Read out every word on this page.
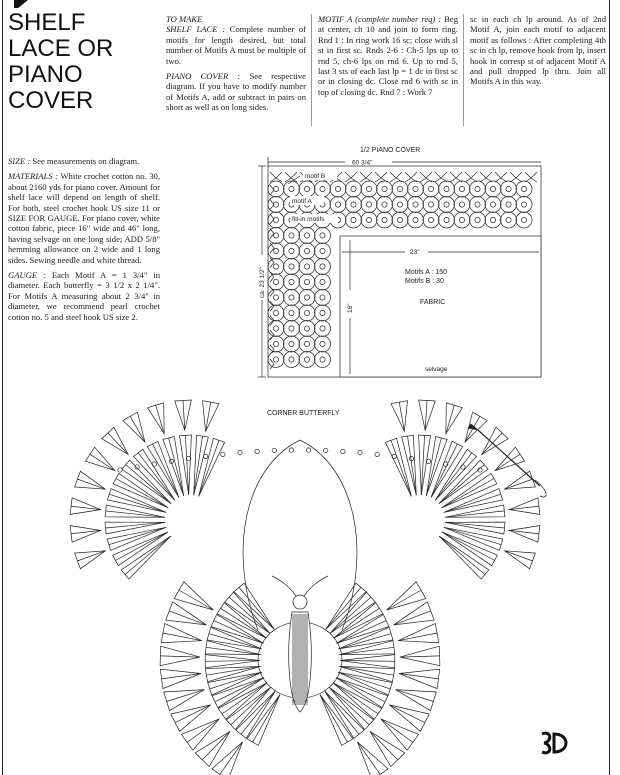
SHELF
LACE OR
PIANO
COVER

SIZE : See measurements on diagram.

MATERIALS : White crochet cotton no. 30, about 2160 yds for piano cover. Amount for shelf lace will depend on length of shelf. For both, steel crochet hook US size 11 or SIZE FOR GAUGE. For piano cover, white cotton fabric, piece 16" wide and 46" long, having selvage on one long side; ADD 5/8" hemming allowance on 2 wide and 1 long sides. Sewing needle and white thread.

GAUGE : Each Motif A = 1 3/4" in diameter. Each butterfly = 3 1/2 x 2 1/4". For Motifs A measuring about 2 3/4" in diameter, we recommend pearl crochet cotton no. 5 and steel hook US size 2.

TO MAKE

SHELF LACE : Complete number of motifs for length desired, but total number of Motifs A must be multiple of two.

PIANO COVER : See respective diagram. If you have to modify number of Motifs A, add or subtract in pairs on short as well as on long sides.

MOTIF A (complete number req) : Beg at center, ch 10 and join to form ring. Rnd 1 : In ring work 16 sc; close with sl st in first sc. Rnds 2-6 : Ch-5 lps up to rnd 5, ch-6 lps on rnd 6. Up to rnd 5, last 3 sts of each last lp = 1 dc in first sc or in closing dc. Close rnd 6 with sc in top of closing dc. Rnd 7 : Work 7

sc in each ch lp around. As of 2nd Motif A, join each motif to adjacent motif as follows : After completing 4th sc in ch lp, remove hook from lp, insert hook in corresp st of adjacent Motif A and pull dropped lp thru. Join all Motifs A in this way.

1/2 PIANO COVER
60 3/4"
ca. 23 1/2"
23"
16"
Motifs A : 150
Motifs B : 30
FABRIC
selvage
motif B
motif A
fill-in motifs
CORNER BUTTERFLY
